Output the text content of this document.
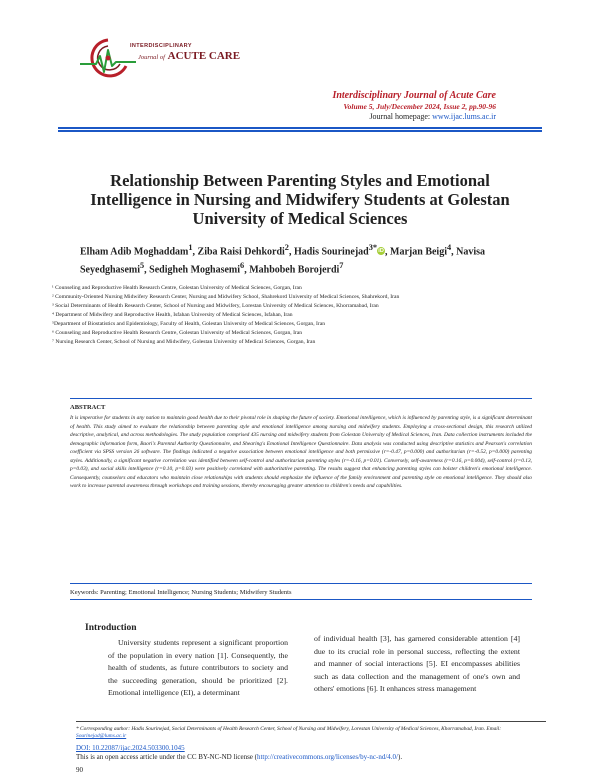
INTERDISCIPLINARY
Journal of ACUTE CARE
Interdisciplinary Journal of Acute Care
Volume 5, July/December 2024, Issue 2, pp.90-96
Journal homepage: www.ijac.lums.ac.ir
Relationship Between Parenting Styles and Emotional Intelligence in Nursing and Midwifery Students at Golestan University of Medical Sciences
Elham Adib Moghaddam$^1$, Ziba Raisi Dehkordi$^2$, Hadis Sourinejad$^{3*}$iD, Marjan Beigi$^4$, Navisa Seyedghasemi$^5$, Sedigheh Moghasemi$^6$, Mahbobeh Borojerdi$^7$
¹ Counseling and Reproductive Health Research Centre, Golestan University of Medical Sciences, Gorgan, Iran
² Community-Oriented Nursing Midwifery Research Center, Nursing and Midwifery School, Shahrekord University of Medical Sciences, Shahrekord, Iran
³ Social Determinants of Health Research Center, School of Nursing and Midwifery, Lorestan University of Medical Sciences, Khorramabad, Iran
⁴ Department of Midwifery and Reproductive Health, Isfahan University of Medical Sciences, Isfahan, Iran
⁵Department of Biostatistics and Epidemiology, Faculty of Health, Golestan University of Medical Sciences, Gorgan, Iran
⁶ Counseling and Reproductive Health Research Centre, Golestan University of Medical Sciences, Gorgan, Iran
⁷ Nursing Research Center, School of Nursing and Midwifery, Golestan University of Medical Sciences, Gorgan, Iran
ABSTRACT

It is imperative for students in any nation to maintain good health due to their pivotal role in shaping the future of society. Emotional intelligence, which is influenced by parenting style, is a significant determinant of health. This study aimed to evaluate the relationship between parenting style and emotional intelligence among nursing and midwifery students. Employing a cross-sectional design, this research utilized descriptive, analytical, and across methodologies. The study population comprised 435 nursing and midwifery students from Golestan University of Medical Sciences, Iran. Data collection instruments included the demographic information form, Baori's Parental Authority Questionnaire, and Shearing's Emotional Intelligence Questionnaire. Data analysis was conducted using descriptive statistics and Pearson's correlation coefficient via SPSS version 26 software. The findings indicated a negative association between emotional intelligence and both permissive (r=-0.47, p=0.000) and authoritarian (r=-0.52, p=0.000) parenting styles. Additionally, a significant negative correlation was identified between self-control and authoritarian parenting styles (r=-0.16, p=0.01). Conversely, self-awareness (r=0.16, p=0.004), self-control (r=0.13, p=0.03), and social skills intelligence (r=0.10, p=0.03) were positively correlated with authoritative parenting. The results suggest that enhancing parenting styles can bolster children's emotional intelligence. Consequently, counselors and educators who maintain close relationships with students should emphasize the influence of the family environment and parenting style on emotional intelligence. They should also work to increase parental awareness through workshops and training sessions, thereby encouraging greater attention to children's needs and capabilities.

Keywords: Parenting; Emotional Intelligence; Nursing Students; Midwifery Students
Introduction

University students represent a significant proportion of the population in every nation [1]. Consequently, the health of students, as future contributors to society and the succeeding generation, should be prioritized [2]. Emotional intelligence (EI), a determinant

of individual health [3], has garnered considerable attention [4] due to its crucial role in personal success, reflecting the extent and manner of social interactions [5]. EI encompasses abilities such as data collection and the management of one's own and others' emotions [6]. It enhances stress management

* Corresponding author: Hadis Sourinejad, Social Determinants of Health Research Center, School of Nursing and Midwifery, Lorestan University of Medical Sciences, Khorramabad, Iran. Email: Sourinejad@lums.ac.ir
DOI: 10.22087/ijac.2024.503300.1045
This is an open access article under the CC BY-NC-ND license (http://creativecommons.org/licenses/by-nc-nd/4.0/).
90
